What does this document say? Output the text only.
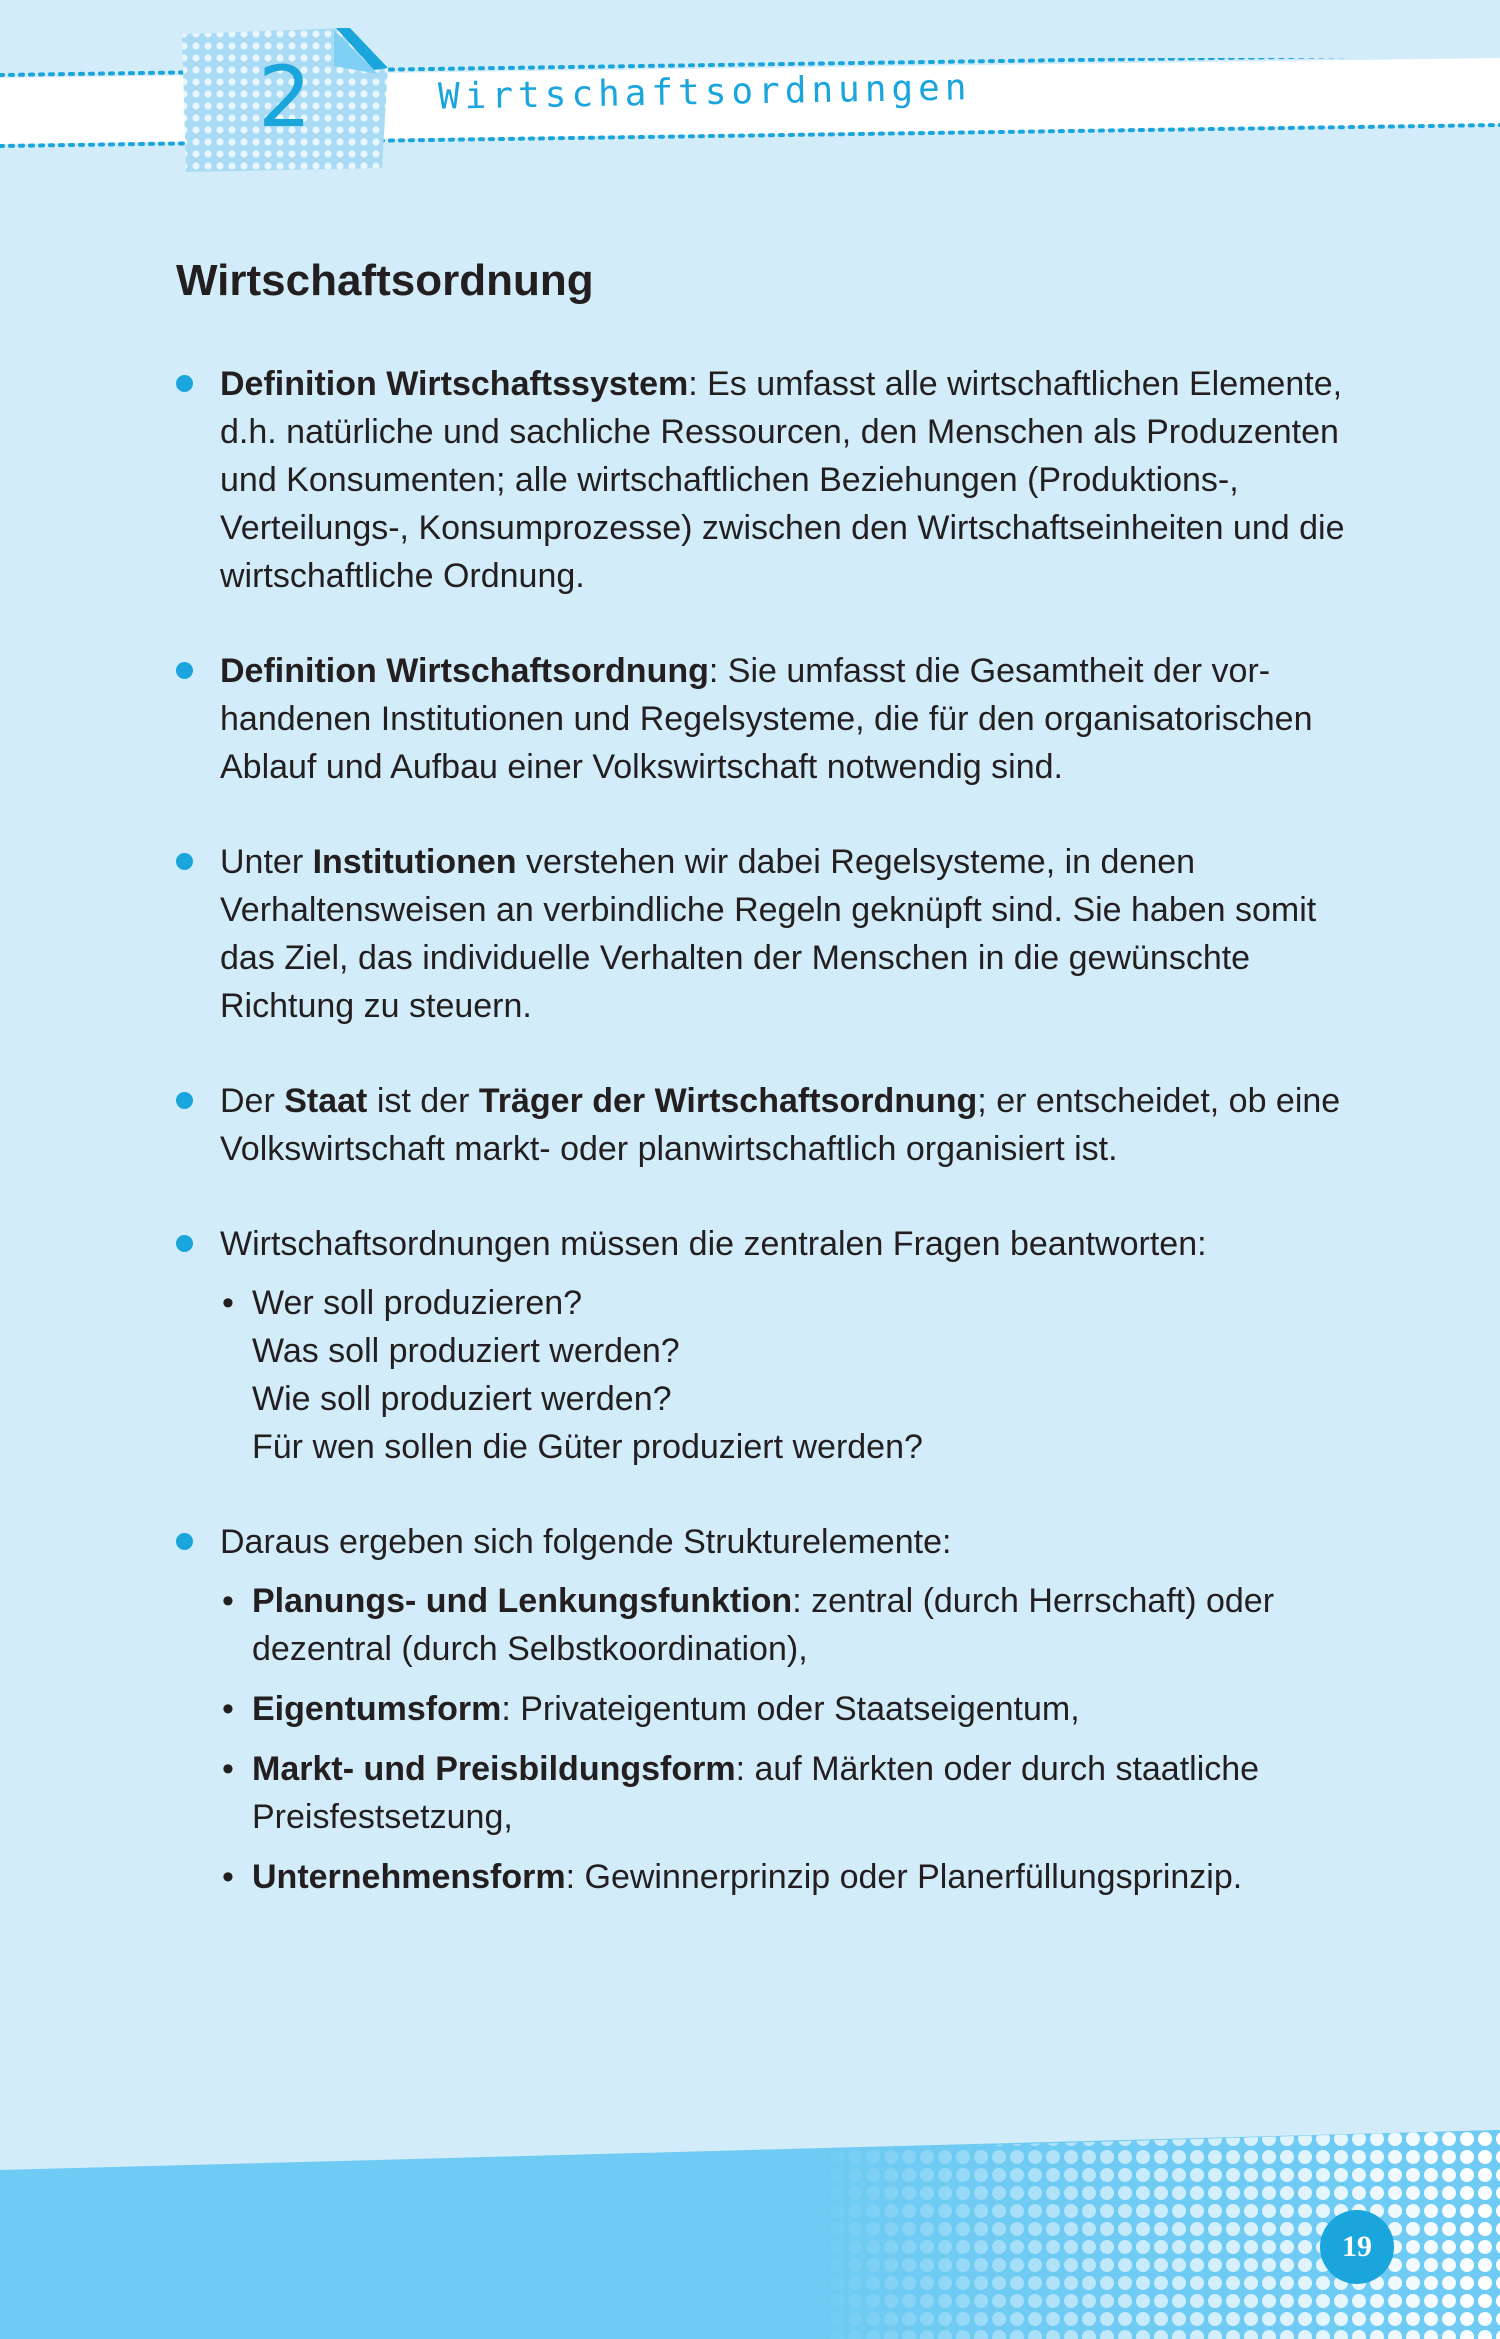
2	Wirtschaftsordnungen
Wirtschaftsordnung
Definition Wirtschaftssystem: Es umfasst alle wirtschaftlichen Elemente, d.h. natürliche und sachliche Ressourcen, den Menschen als Produzenten und Konsumenten; alle wirtschaftlichen Beziehungen (Produktions-, Verteilungs-, Konsumprozesse) zwischen den Wirtschaftseinheiten und die wirtschaftliche Ordnung.
Definition Wirtschaftsordnung: Sie umfasst die Gesamtheit der vorhandenen Institutionen und Regelsysteme, die für den organisatorischen Ablauf und Aufbau einer Volkswirtschaft notwendig sind.
Unter Institutionen verstehen wir dabei Regelsysteme, in denen Verhaltensweisen an verbindliche Regeln geknüpft sind. Sie haben somit das Ziel, das individuelle Verhalten der Menschen in die gewünschte Richtung zu steuern.
Der Staat ist der Träger der Wirtschaftsordnung; er entscheidet, ob eine Volkswirtschaft markt- oder planwirtschaftlich organisiert ist.
Wirtschaftsordnungen müssen die zentralen Fragen beantworten:
• Wer soll produzieren?
Was soll produziert werden?
Wie soll produziert werden?
Für wen sollen die Güter produziert werden?
Daraus ergeben sich folgende Strukturelemente:
• Planungs- und Lenkungsfunktion: zentral (durch Herrschaft) oder dezentral (durch Selbstkoordination),
• Eigentumsform: Privateigentum oder Staatseigentum,
• Markt- und Preisbildungsform: auf Märkten oder durch staatliche Preisfestsetzung,
• Unternehmensform: Gewinnerprinzip oder Planerfüllungsprinzip.
19
